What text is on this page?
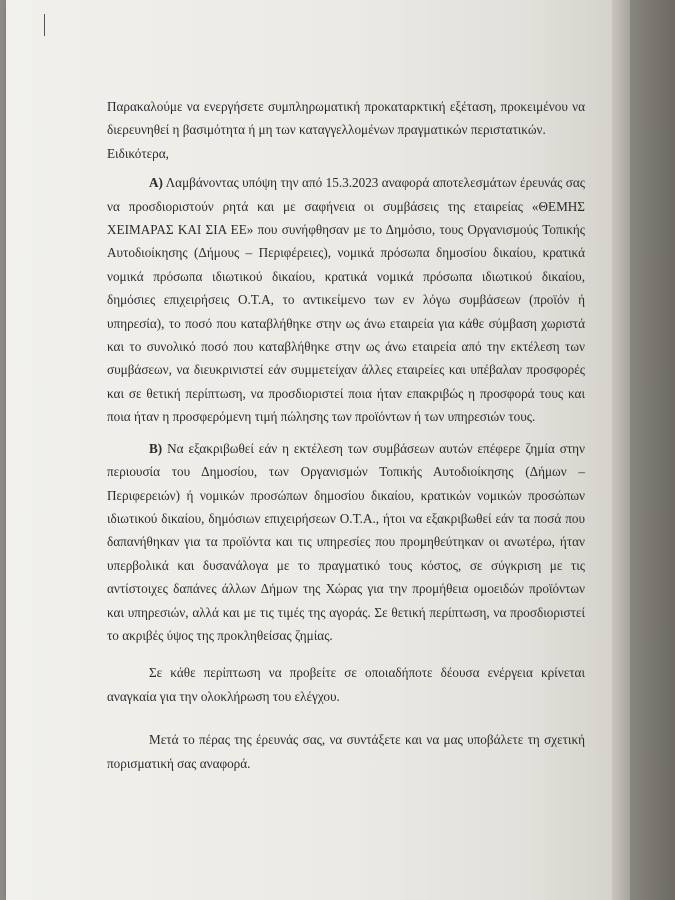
Παρακαλούμε να ενεργήσετε συμπληρωματική προκαταρκτική εξέταση, προκειμένου να διερευνηθεί η βασιμότητα ή μη των καταγγελλομένων πραγματικών περιστατικών.
Ειδικότερα,

Α) Λαμβάνοντας υπόψη την από 15.3.2023 αναφορά αποτελεσμάτων έρευνάς σας να προσδιοριστούν ρητά και με σαφήνεια οι συμβάσεις της εταιρείας «ΘΕΜΗΣ ΧΕΙΜΑΡΑΣ ΚΑΙ ΣΙΑ ΕΕ» που συνήφθησαν με το Δημόσιο, τους Οργανισμούς Τοπικής Αυτοδιοίκησης (Δήμους – Περιφέρειες), νομικά πρόσωπα δημοσίου δικαίου, κρατικά νομικά πρόσωπα ιδιωτικού δικαίου, κρατικά νομικά πρόσωπα ιδιωτικού δικαίου, δημόσιες επιχειρήσεις Ο.Τ.Α, το αντικείμενο των εν λόγω συμβάσεων (προϊόν ή υπηρεσία), το ποσό που καταβλήθηκε στην ως άνω εταιρεία για κάθε σύμβαση χωριστά και το συνολικό ποσό που καταβλήθηκε στην ως άνω εταιρεία από την εκτέλεση των συμβάσεων, να διευκρινιστεί εάν συμμετείχαν άλλες εταιρείες και υπέβαλαν προσφορές και σε θετική περίπτωση, να προσδιοριστεί ποια ήταν επακριβώς η προσφορά τους και ποια ήταν η προσφερόμενη τιμή πώλησης των προϊόντων ή των υπηρεσιών τους.

Β) Να εξακριβωθεί εάν η εκτέλεση των συμβάσεων αυτών επέφερε ζημία στην περιουσία του Δημοσίου, των Οργανισμών Τοπικής Αυτοδιοίκησης (Δήμων – Περιφερειών) ή νομικών προσώπων δημοσίου δικαίου, κρατικών νομικών προσώπων ιδιωτικού δικαίου, δημόσιων επιχειρήσεων Ο.Τ.Α., ήτοι να εξακριβωθεί εάν τα ποσά που δαπανήθηκαν για τα προϊόντα και τις υπηρεσίες που προμηθεύτηκαν οι ανωτέρω, ήταν υπερβολικά και δυσανάλογα με το πραγματικό τους κόστος, σε σύγκριση με τις αντίστοιχες δαπάνες άλλων Δήμων της Χώρας για την προμήθεια ομοειδών προϊόντων και υπηρεσιών, αλλά και με τις τιμές της αγοράς. Σε θετική περίπτωση, να προσδιοριστεί το ακριβές ύψος της προκληθείσας ζημίας.

Σε κάθε περίπτωση να προβείτε σε οποιαδήποτε δέουσα ενέργεια κρίνεται αναγκαία για την ολοκλήρωση του ελέγχου.

Μετά το πέρας της έρευνάς σας, να συντάξετε και να μας υποβάλετε τη σχετική πορισματική σας αναφορά.
